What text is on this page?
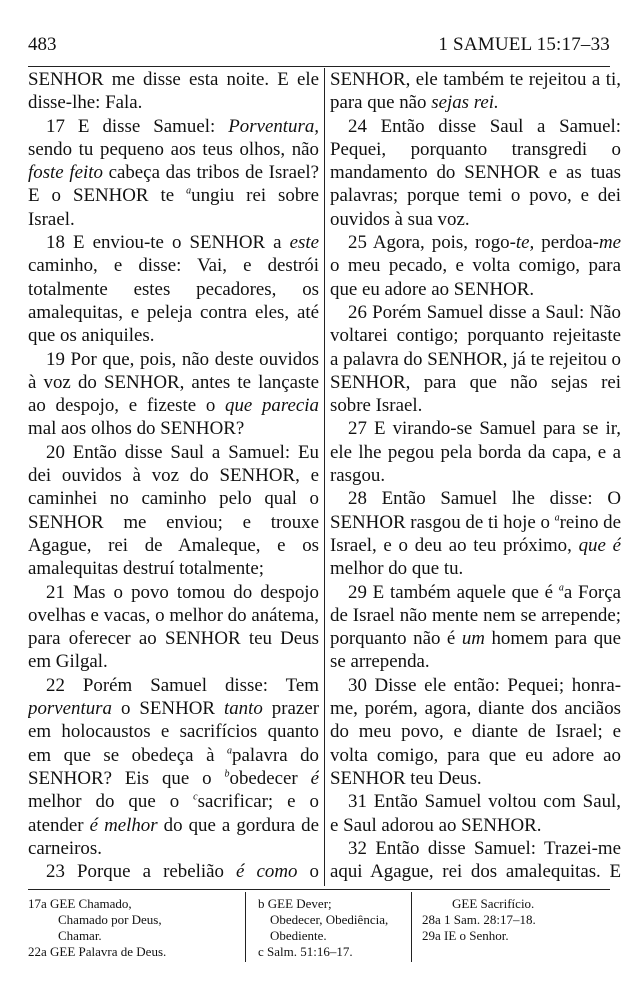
483	1 SAMUEL 15:17–33

SENHOR me disse esta noite. E ele disse-lhe: Fala.

17 E disse Samuel: Porventura, sendo tu pequeno aos teus olhos, não foste feito cabeça das tribos de Israel? E o SENHOR te $^a$ungiu rei sobre Israel.

18 E enviou-te o SENHOR a este caminho, e disse: Vai, e destrói totalmente estes pecadores, os amalequitas, e peleja contra eles, até que os aniquiles.

19 Por que, pois, não deste ouvidos à voz do SENHOR, antes te lançaste ao despojo, e fizeste o que parecia mal aos olhos do SENHOR?

20 Então disse Saul a Samuel: Eu dei ouvidos à voz do SENHOR, e caminhei no caminho pelo qual o SENHOR me enviou; e trouxe Agague, rei de Amaleque, e os amalequitas destruí totalmente;

21 Mas o povo tomou do despojo ovelhas e vacas, o melhor do anátema, para oferecer ao SENHOR teu Deus em Gilgal.

22 Porém Samuel disse: Tem porventura o SENHOR tanto prazer em holocaustos e sacrifícios quanto em que se obedeça à $^a$palavra do SENHOR? Eis que o $^b$obedecer é melhor do que o $^c$sacrificar; e o atender é melhor do que a gordura de carneiros.

23 Porque a rebelião é como o

SENHOR, ele também te rejeitou a ti, para que não sejas rei.

24 Então disse Saul a Samuel: Pequei, porquanto transgredi o mandamento do SENHOR e as tuas palavras; porque temi o povo, e dei ouvidos à sua voz.

25 Agora, pois, rogo-te, perdoa-me o meu pecado, e volta comigo, para que eu adore ao SENHOR.

26 Porém Samuel disse a Saul: Não voltarei contigo; porquanto rejeitaste a palavra do SENHOR, já te rejeitou o SENHOR, para que não sejas rei sobre Israel.

27 E virando-se Samuel para se ir, ele lhe pegou pela borda da capa, e a rasgou.

28 Então Samuel lhe disse: O SENHOR rasgou de ti hoje o $^a$reino de Israel, e o deu ao teu próximo, que é melhor do que tu.

29 E também aquele que é $^a$a Força de Israel não mente nem se arrepende; porquanto não é um homem para que se arrependa.

30 Disse ele então: Pequei; honra-me, porém, agora, diante dos anciãos do meu povo, e diante de Israel; e volta comigo, para que eu adore ao SENHOR teu Deus.

31 Então Samuel voltou com Saul, e Saul adorou ao SENHOR.

32 Então disse Samuel: Trazei-me aqui Agague, rei dos amalequitas. E

17a GEE Chamado,
Chamado por Deus,
Chamar.
22a GEE Palavra de Deus.
b GEE Dever;
Obedecer, Obediência,
Obediente.
c Salm. 51:16–17.
GEE Sacrifício.
28a 1 Sam. 28:17–18.
29a IE o Senhor.
